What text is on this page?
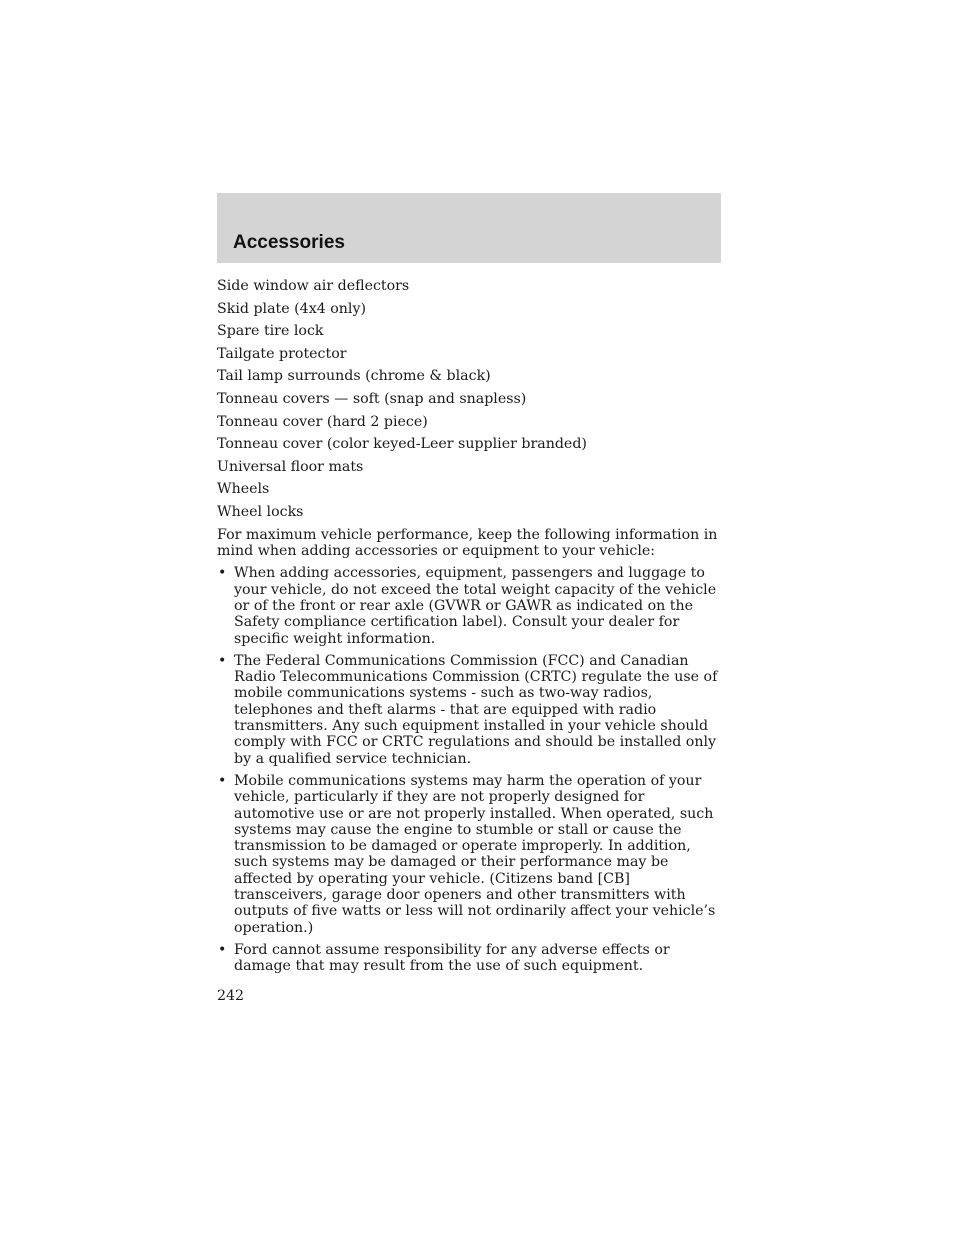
Accessories
Side window air deflectors
Skid plate (4x4 only)
Spare tire lock
Tailgate protector
Tail lamp surrounds (chrome & black)
Tonneau covers — soft (snap and snapless)
Tonneau cover (hard 2 piece)
Tonneau cover (color keyed-Leer supplier branded)
Universal floor mats
Wheels
Wheel locks

For maximum vehicle performance, keep the following information in mind when adding accessories or equipment to your vehicle:

• When adding accessories, equipment, passengers and luggage to your vehicle, do not exceed the total weight capacity of the vehicle or of the front or rear axle (GVWR or GAWR as indicated on the Safety compliance certification label). Consult your dealer for specific weight information.
• The Federal Communications Commission (FCC) and Canadian Radio Telecommunications Commission (CRTC) regulate the use of mobile communications systems - such as two-way radios, telephones and theft alarms - that are equipped with radio transmitters. Any such equipment installed in your vehicle should comply with FCC or CRTC regulations and should be installed only by a qualified service technician.
• Mobile communications systems may harm the operation of your vehicle, particularly if they are not properly designed for automotive use or are not properly installed. When operated, such systems may cause the engine to stumble or stall or cause the transmission to be damaged or operate improperly. In addition, such systems may be damaged or their performance may be affected by operating your vehicle. (Citizens band [CB] transceivers, garage door openers and other transmitters with outputs of five watts or less will not ordinarily affect your vehicle’s operation.)
• Ford cannot assume responsibility for any adverse effects or damage that may result from the use of such equipment.

242
